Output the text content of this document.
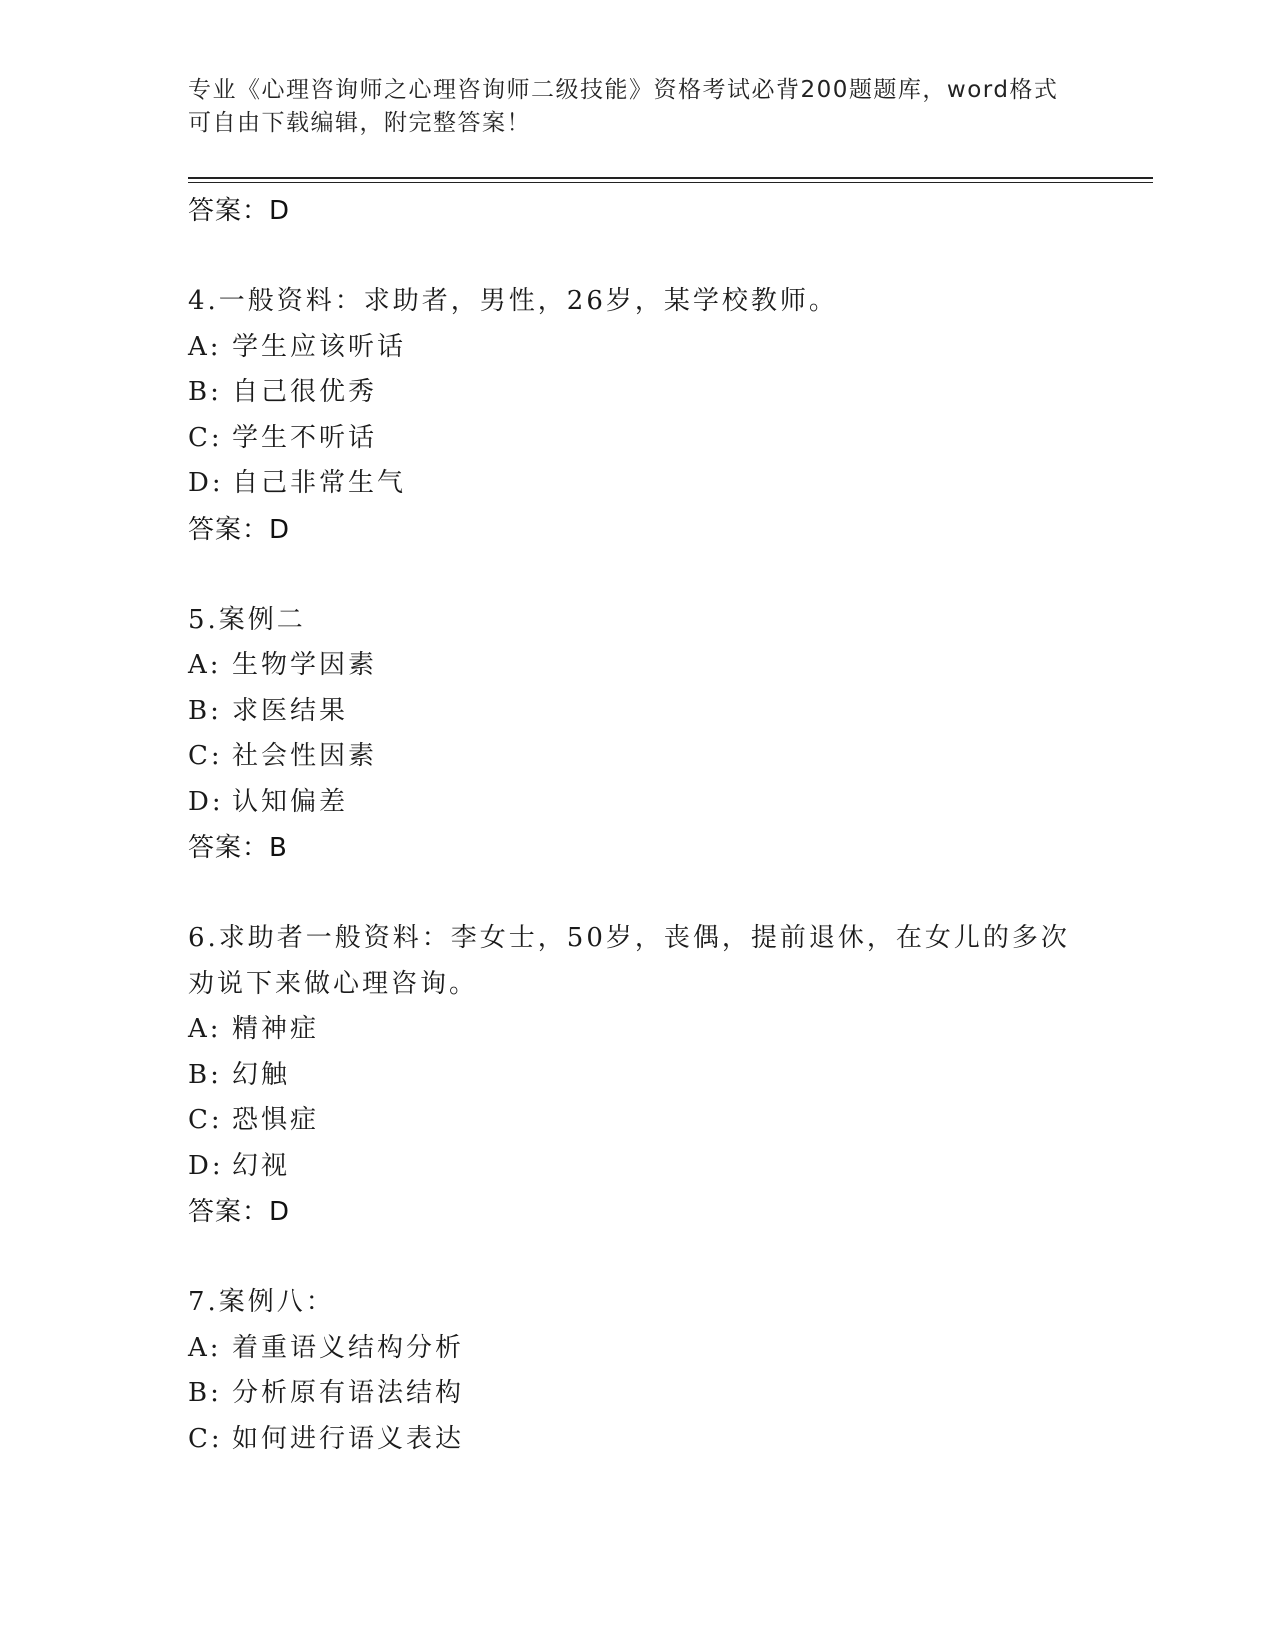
专业《心理咨询师之心理咨询师二级技能》资格考试必背200题题库，word格式
可自由下载编辑，附完整答案！
答案：D
4.一般资料：求助者，男性，26岁，某学校教师。
A: 学生应该听话
B: 自己很优秀
C: 学生不听话
D: 自己非常生气
答案：D
5.案例二
A: 生物学因素
B: 求医结果
C: 社会性因素
D: 认知偏差
答案：B
6.求助者一般资料：李女士，50岁，丧偶，提前退休，在女儿的多次劝说下来做心理咨询。
A: 精神症
B: 幻触
C: 恐惧症
D: 幻视
答案：D
7.案例八：
A: 着重语义结构分析
B: 分析原有语法结构
C: 如何进行语义表达
